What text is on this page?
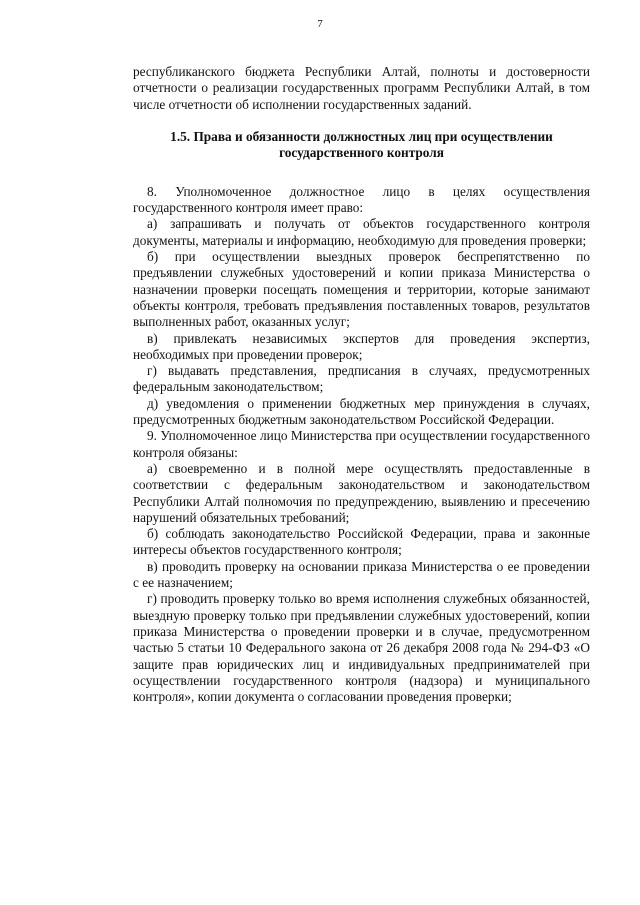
7

республиканского бюджета Республики Алтай, полноты и достоверности отчетности о реализации государственных программ Республики Алтай, в том числе отчетности об исполнении государственных заданий.

1.5. Права и обязанности должностных лиц при осуществлении государственного контроля

8. Уполномоченное должностное лицо в целях осуществления государственного контроля имеет право:

а) запрашивать и получать от объектов государственного контроля документы, материалы и информацию, необходимую для проведения проверки;

б) при осуществлении выездных проверок беспрепятственно по предъявлении служебных удостоверений и копии приказа Министерства о назначении проверки посещать помещения и территории, которые занимают объекты контроля, требовать предъявления поставленных товаров, результатов выполненных работ, оказанных услуг;

в) привлекать независимых экспертов для проведения экспертиз, необходимых при проведении проверок;

г) выдавать представления, предписания в случаях, предусмотренных федеральным законодательством;

д) уведомления о применении бюджетных мер принуждения в случаях, предусмотренных бюджетным законодательством Российской Федерации.

9. Уполномоченное лицо Министерства при осуществлении государственного контроля обязаны:

а) своевременно и в полной мере осуществлять предоставленные в соответствии с федеральным законодательством и законодательством Республики Алтай полномочия по предупреждению, выявлению и пресечению нарушений обязательных требований;

б) соблюдать законодательство Российской Федерации, права и законные интересы объектов государственного контроля;

в) проводить проверку на основании приказа Министерства о ее проведении с ее назначением;

г) проводить проверку только во время исполнения служебных обязанностей, выездную проверку только при предъявлении служебных удостоверений, копии приказа Министерства о проведении проверки и в случае, предусмотренном частью 5 статьи 10 Федерального закона от 26 декабря 2008 года № 294-ФЗ «О защите прав юридических лиц и индивидуальных предпринимателей при осуществлении государственного контроля (надзора) и муниципального контроля», копии документа о согласовании проведения проверки;
